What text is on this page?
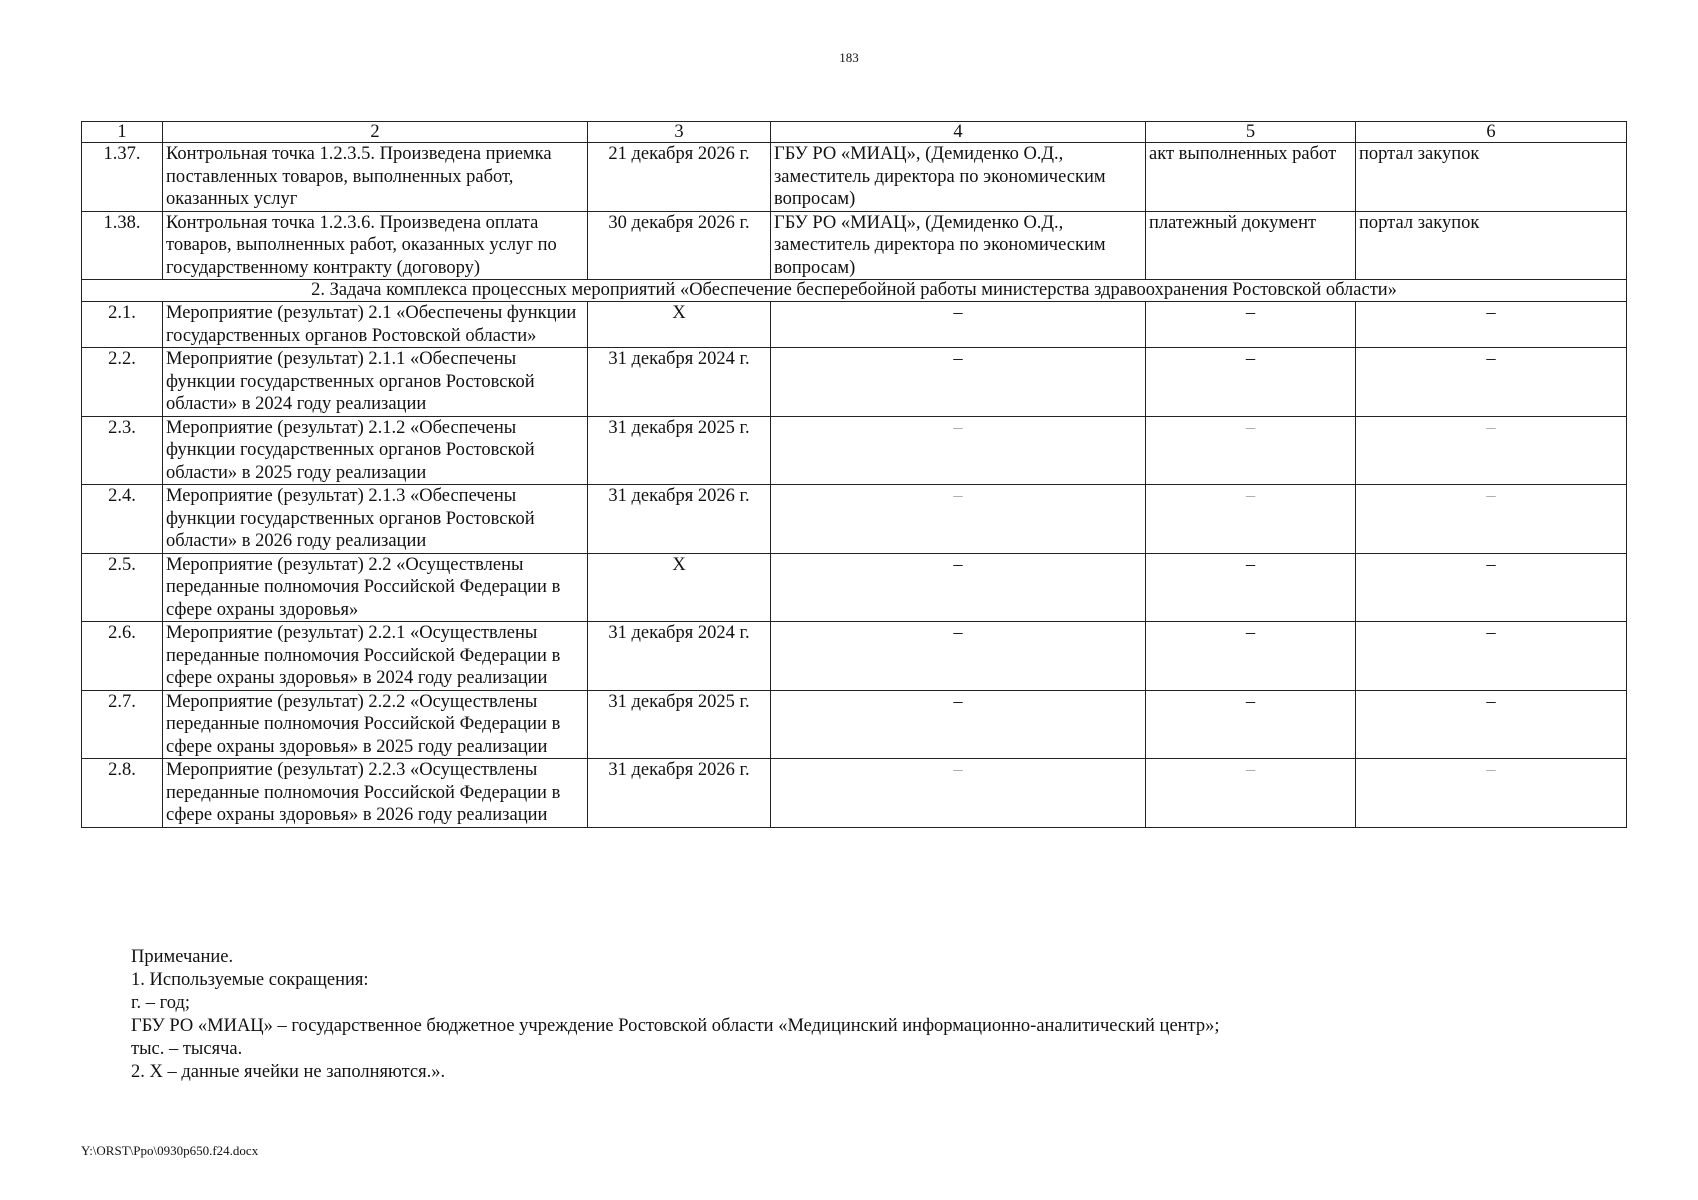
183
1	2	3	4	5	6
1.37.	Контрольная точка 1.2.3.5. Произведена приемка поставленных товаров, выполненных работ, оказанных услуг	21 декабря 2026 г.	ГБУ РО «МИАЦ», (Демиденко О.Д., заместитель директора по экономическим вопросам)	акт выполненных работ	портал закупок
1.38.	Контрольная точка 1.2.3.6. Произведена оплата товаров, выполненных работ, оказанных услуг по государственному контракту (договору)	30 декабря 2026 г.	ГБУ РО «МИАЦ», (Демиденко О.Д., заместитель директора по экономическим вопросам)	платежный документ	портал закупок
2. Задача комплекса процессных мероприятий «Обеспечение бесперебойной работы министерства здравоохранения Ростовской области»					
2.1.	Мероприятие (результат) 2.1 «Обеспечены функции государственных органов Ростовской области»	Х	–	–	–
2.2.	Мероприятие (результат) 2.1.1 «Обеспечены функции государственных органов Ростовской области» в 2024 году реализации	31 декабря 2024 г.	–	–	–
2.3.	Мероприятие (результат) 2.1.2 «Обеспечены функции государственных органов Ростовской области» в 2025 году реализации	31 декабря 2025 г.	–	–	–
2.4.	Мероприятие (результат) 2.1.3 «Обеспечены функции государственных органов Ростовской области» в 2026 году реализации	31 декабря 2026 г.	–	–	–
2.5.	Мероприятие (результат) 2.2 «Осуществлены переданные полномочия Российской Федерации в сфере охраны здоровья»	Х	–	–	–
2.6.	Мероприятие (результат) 2.2.1 «Осуществлены переданные полномочия Российской Федерации в сфере охраны здоровья» в 2024 году реализации	31 декабря 2024 г.	–	–	–
2.7.	Мероприятие (результат) 2.2.2 «Осуществлены переданные полномочия Российской Федерации в сфере охраны здоровья» в 2025 году реализации	31 декабря 2025 г.	–	–	–
2.8.	Мероприятие (результат) 2.2.3 «Осуществлены переданные полномочия Российской Федерации в сфере охраны здоровья» в 2026 году реализации	31 декабря 2026 г.	–	–	–
Примечание.
1. Используемые сокращения:
г. – год;
ГБУ РО «МИАЦ» – государственное бюджетное учреждение Ростовской области «Медицинский информационно-аналитический центр»;
тыс. – тысяча.
2. Х – данные ячейки не заполняются.».
Y:\ORST\Ppo\0930p650.f24.docx
